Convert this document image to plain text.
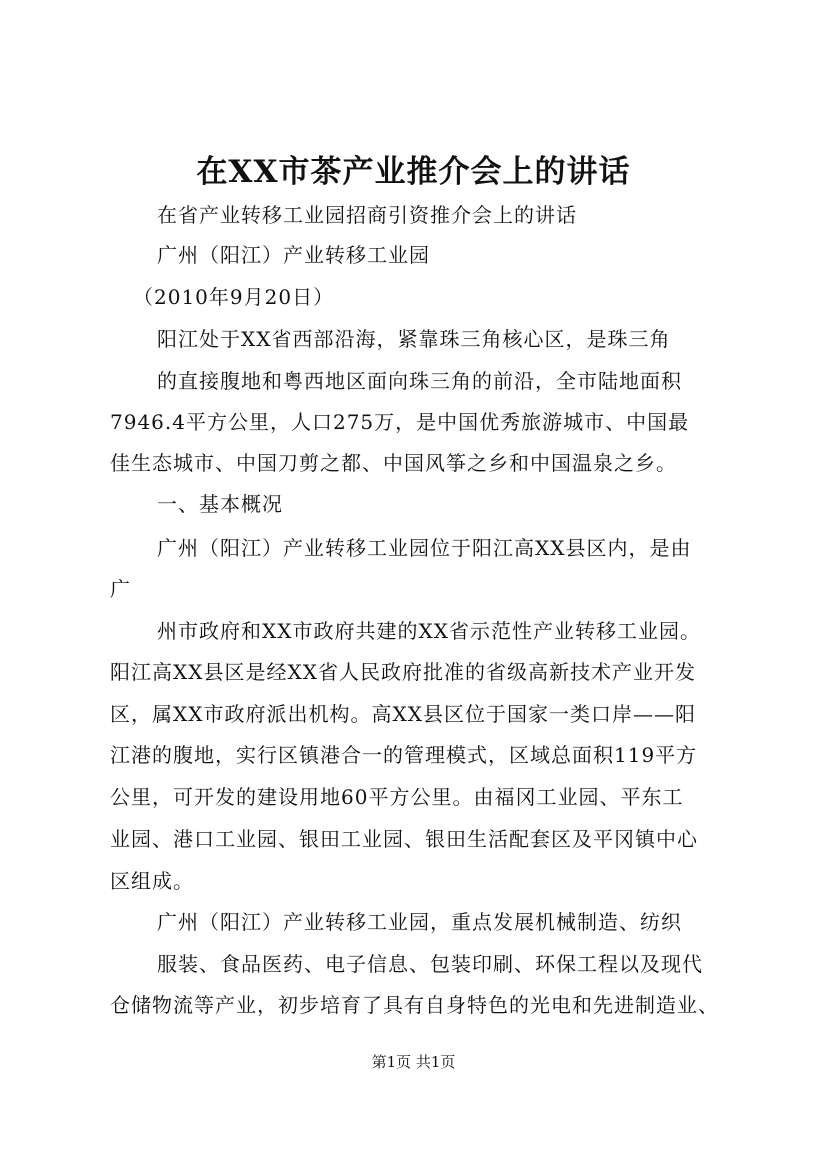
在XX市茶产业推介会上的讲话
在省产业转移工业园招商引资推介会上的讲话
广州（阳江）产业转移工业园
（2010年9月20日）
阳江处于XX省西部沿海，紧靠珠三角核心区，是珠三角
的直接腹地和粤西地区面向珠三角的前沿，全市陆地面积
7946.4平方公里，人口275万，是中国优秀旅游城市、中国最
佳生态城市、中国刀剪之都、中国风筝之乡和中国温泉之乡。
一、基本概况
广州（阳江）产业转移工业园位于阳江高XX县区内，是由
广
州市政府和XX市政府共建的XX省示范性产业转移工业园。
阳江高XX县区是经XX省人民政府批准的省级高新技术产业开发
区，属XX市政府派出机构。高XX县区位于国家一类口岸——阳
江港的腹地，实行区镇港合一的管理模式，区域总面积119平方
公里，可开发的建设用地60平方公里。由福冈工业园、平东工
业园、港口工业园、银田工业园、银田生活配套区及平冈镇中心
区组成。
广州（阳江）产业转移工业园，重点发展机械制造、纺织
服装、食品医药、电子信息、包装印刷、环保工程以及现代
仓储物流等产业，初步培育了具有自身特色的光电和先进制造业、
第1页 共1页
